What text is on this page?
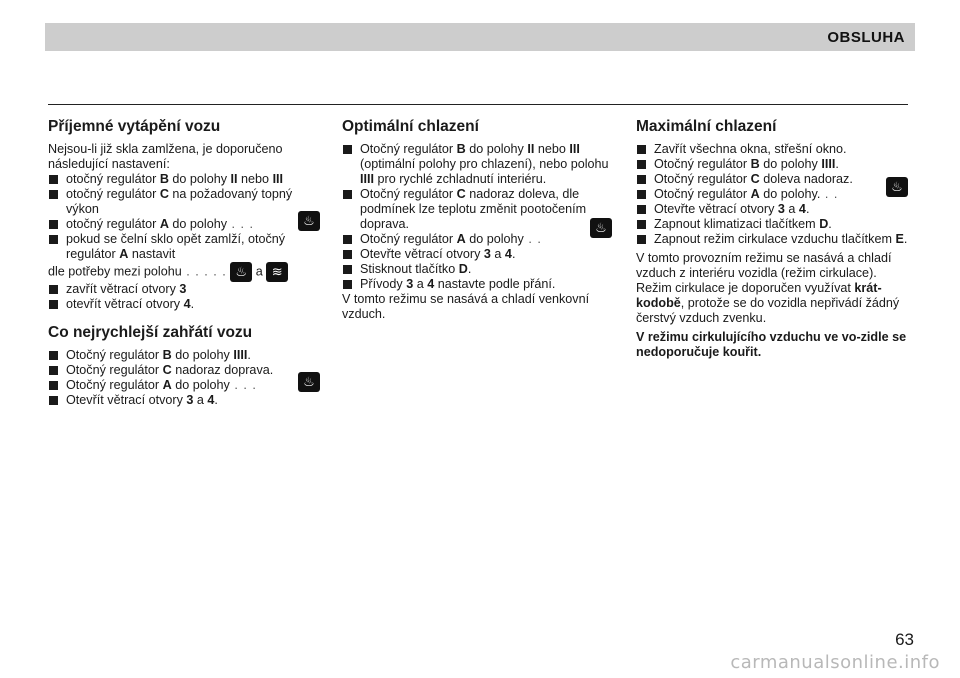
OBSLUHA
Příjemné vytápění vozu

Nejsou-li již skla zamlžena, je doporučeno následující nastavení:

otočný regulátor B do polohy II nebo III
otočný regulátor C na požadovaný topný výkon
otočný regulátor A do polohy . . .	♨
pokud se čelní sklo opět zamlží, otočný regulátor A nastavit
dle potřeby mezi polohu . . . . . ♨ a ≋
zavřít větrací otvory 3
otevřít větrací otvory 4.
Co nejrychlejší zahřátí vozu
Otočný regulátor B do polohy IIII.
Otočný regulátor C nadoraz doprava.
Otočný regulátor A do polohy . . .	♨
Otevřít větrací otvory 3 a 4.
Optimální chlazení
Otočný regulátor B do polohy II nebo III (optimální polohy pro chlazení), nebo polohu IIII pro rychlé zchladnutí interiéru.
Otočný regulátor C nadoraz doleva, dle podmínek lze teplotu změnit pootočením doprava.
Otočný regulátor A do polohy . .
♨
Otevřte větrací otvory 3 a 4.
Stisknout tlačítko D.
Přívody 3 a 4 nastavte podle přání.

V tomto režimu se nasává a chladí venkovní vzduch.

Maximální chlazení
Zavřít všechna okna, střešní okno.
Otočný regulátor B do polohy IIII.
Otočný regulátor C doleva nadoraz.
Otočný regulátor A do polohy. . .	♨
Otevřte větrací otvory 3 a 4.
Zapnout klimatizaci tlačítkem D.
Zapnout režim cirkulace vzduchu tlačítkem E.

V tomto provozním režimu se nasává a chladí vzduch z interiéru vozidla (režim cirkulace). Režim cirkulace je doporučen využívat krát-kodobě, protože se do vozidla nepřivádí žádný čerstvý vzduch zvenku.

V režimu cirkulujícího vzduchu ve vo-zidle se nedoporučuje kouřit.

63
carmanualsonline.info
